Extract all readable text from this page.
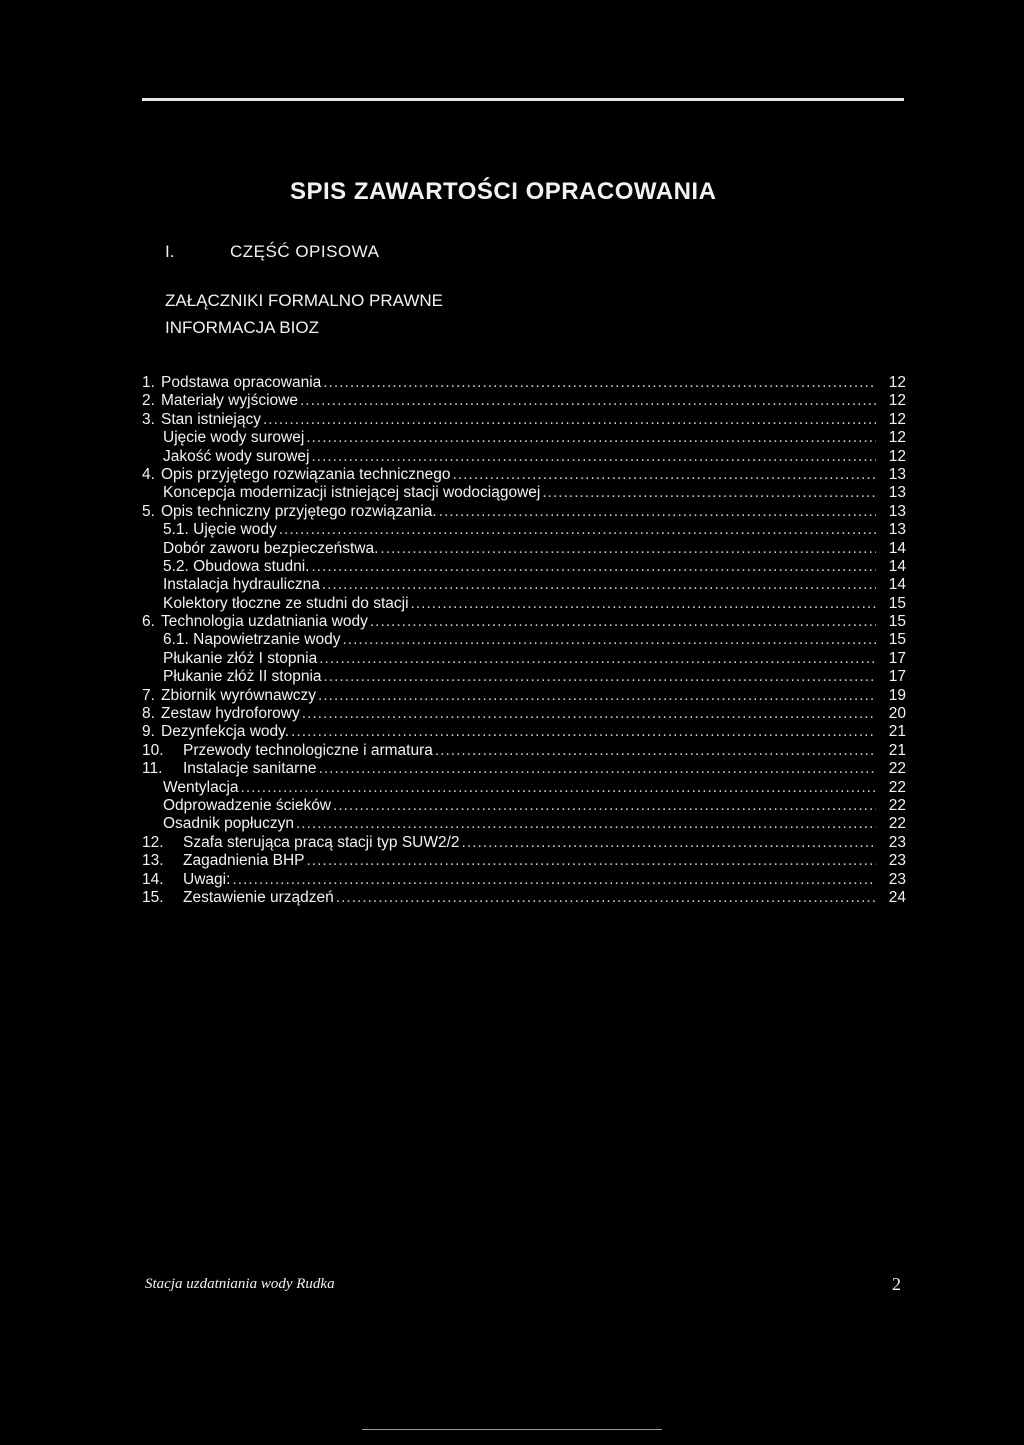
SPIS ZAWARTOŚCI OPRACOWANIA
I.	CZĘŚĆ OPISOWA
ZAŁĄCZNIKI FORMALNO PRAWNE
INFORMACJA BIOZ
1. Podstawa opracowania .....	12
2. Materiały wyjściowe .....	12
3. Stan istniejący .....	12
Ujęcie wody surowej .....	12
Jakość wody surowej .....	12
4. Opis przyjętego rozwiązania technicznego .....	13
Koncepcja modernizacji istniejącej stacji wodociągowej .....	13
5. Opis techniczny przyjętego rozwiązania. .....	13
5.1. Ujęcie wody .....	13
Dobór zaworu bezpieczeństwa. .....	14
5.2. Obudowa studni. .....	14
Instalacja hydrauliczna .....	14
Kolektory tłoczne ze studni do stacji .....	15
6. Technologia uzdatniania wody .....	15
6.1. Napowietrzanie wody .....	15
Płukanie złóż I stopnia .....	17
Płukanie złóż II stopnia .....	17
7. Zbiornik wyrównawczy .....	19
8. Zestaw hydroforowy .....	20
9. Dezynfekcja wody. .....	21
10.	Przewody technologiczne i armatura .....	21
11.	Instalacje sanitarne .....	22
Wentylacja .....	22
Odprowadzenie ścieków .....	22
Osadnik popłuczyn .....	22
12.	Szafa sterująca pracą stacji typ SUW2/2 .....	23
13.	Zagadnienia BHP .....	23
14.	Uwagi: .....	23
15.	Zestawienie urządzeń .....	24
Stacja uzdatniania wody Rudka	2
